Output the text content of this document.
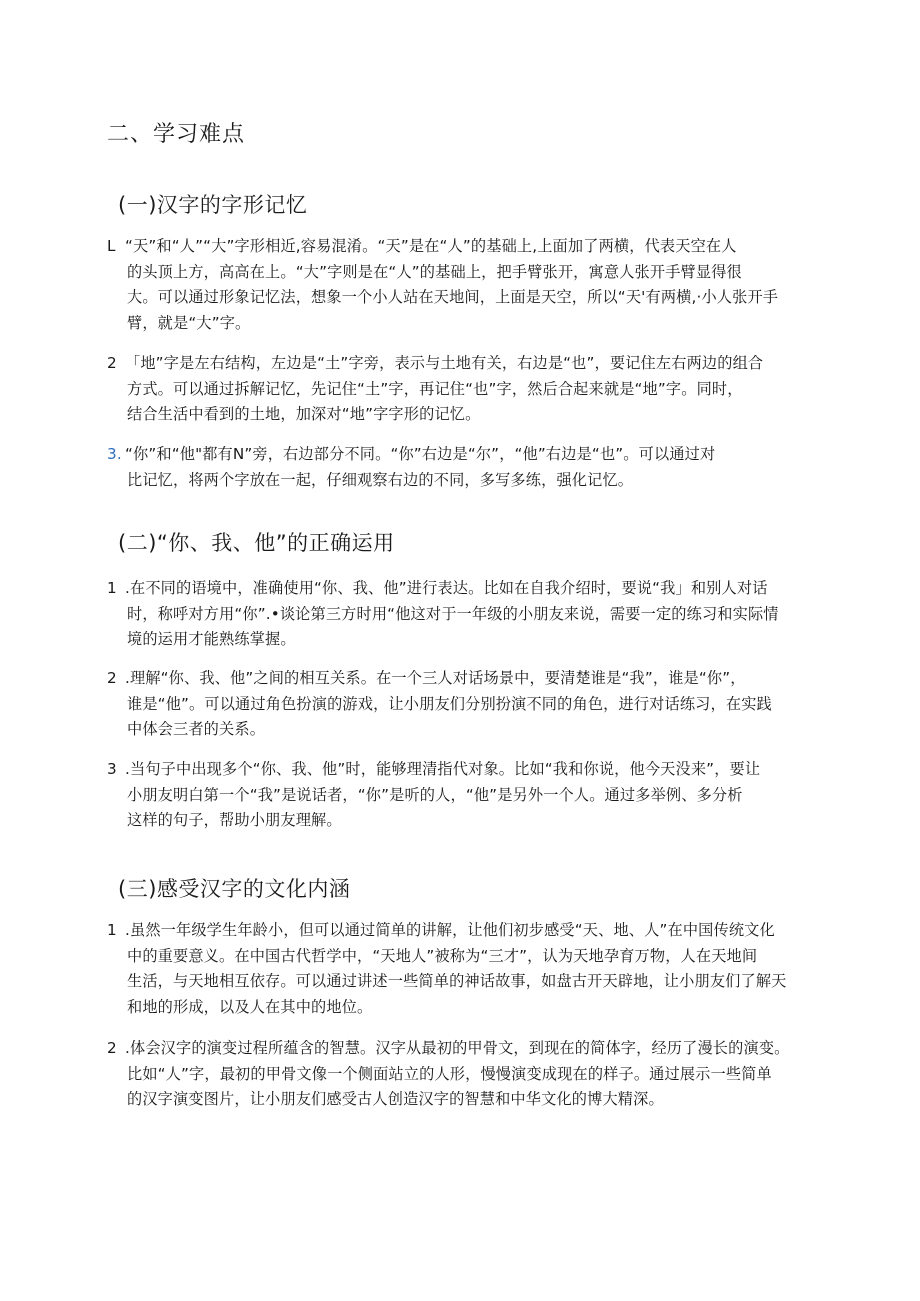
二、学习难点
(一)汉字的字形记忆
L “天”和“人”“大”字形相近,容易混淆。“天”是在“人”的基础上,上面加了两横，代表天空在人
的头顶上方，高高在上。“大”字则是在“人”的基础上，把手臂张开，寓意人张开手臂显得很
大。可以通过形象记忆法，想象一个小人站在天地间，上面是天空，所以“天'有两横,·小人张开手
臂，就是“大”字。
2 「地”字是左右结构，左边是“土”字旁，表示与土地有关，右边是“也”，要记住左右两边的组合
方式。可以通过拆解记忆，先记住“土”字，再记住“也”字，然后合起来就是“地”字。同时，
结合生活中看到的土地，加深对“地”字字形的记忆。
3. “你”和“他"都有N”旁，右边部分不同。“你”右边是“尔”，“他”右边是“也”。可以通过对
比记忆，将两个字放在一起，仔细观察右边的不同，多写多练，强化记忆。
(二)“你、我、他”的正确运用
1 .在不同的语境中，准确使用“你、我、他”进行表达。比如在自我介绍时，要说“我」和别人对话
时，称呼对方用“你”.•谈论第三方时用“他这对于一年级的小朋友来说，需要一定的练习和实际情
境的运用才能熟练掌握。
2 .理解“你、我、他”之间的相互关系。在一个三人对话场景中，要清楚谁是“我”，谁是“你”，
谁是“他”。可以通过角色扮演的游戏，让小朋友们分别扮演不同的角色，进行对话练习，在实践
中体会三者的关系。
3 .当句子中出现多个“你、我、他”时，能够理清指代对象。比如“我和你说，他今天没来”，要让
小朋友明白第一个“我”是说话者，“你”是听的人，“他”是另外一个人。通过多举例、多分析
这样的句子，帮助小朋友理解。
(三)感受汉字的文化内涵
1 .虽然一年级学生年龄小，但可以通过简单的讲解，让他们初步感受“天、地、人”在中国传统文化
中的重要意义。在中国古代哲学中，“天地人”被称为“三才”，认为天地孕育万物，人在天地间
生活，与天地相互依存。可以通过讲述一些简单的神话故事，如盘古开天辟地，让小朋友们了解天
和地的形成，以及人在其中的地位。
2 .体会汉字的演变过程所蕴含的智慧。汉字从最初的甲骨文，到现在的简体字，经历了漫长的演变。
比如“人”字，最初的甲骨文像一个侧面站立的人形，慢慢演变成现在的样子。通过展示一些简单
的汉字演变图片，让小朋友们感受古人创造汉字的智慧和中华文化的博大精深。
